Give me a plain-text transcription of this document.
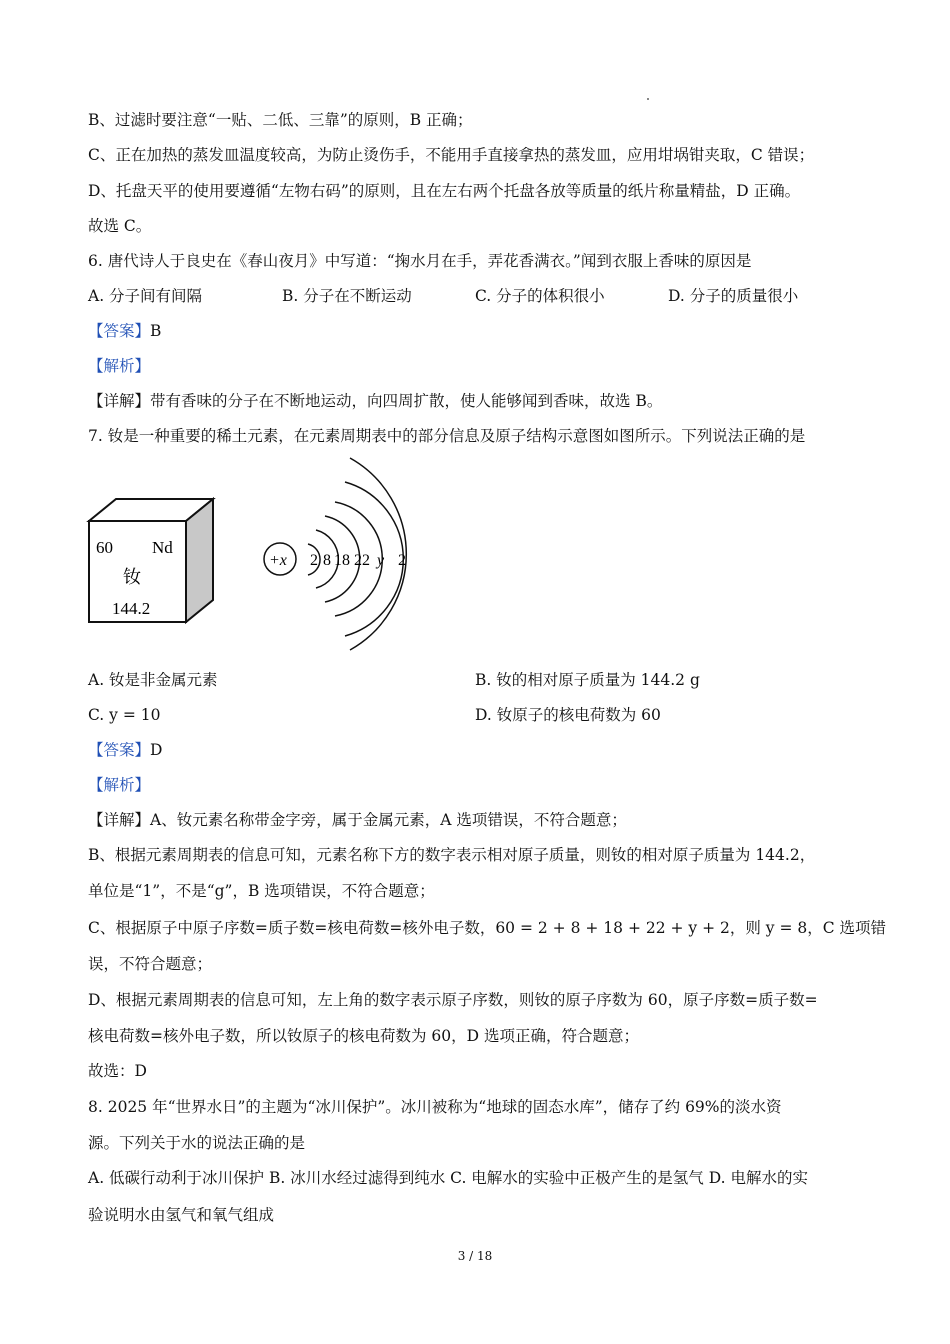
B、过滤时要注意“一贴、二低、三靠”的原则，B 正确；
C、正在加热的蒸发皿温度较高，为防止烫伤手，不能用手直接拿热的蒸发皿，应用坩埚钳夹取，C 错误；
D、托盘天平的使用要遵循“左物右码”的原则，且在左右两个托盘各放等质量的纸片称量精盐，D 正确。
故选 C。
6. 唐代诗人于良史在《春山夜月》中写道：“掬水月在手，弄花香满衣。”闻到衣服上香味的原因是
A. 分子间有间隔	B. 分子在不断运动	C. 分子的体积很小	D. 分子的质量很小
【答案】B
【解析】
【详解】带有香味的分子在不断地运动，向四周扩散，使人能够闻到香味，故选 B。
7. 钕是一种重要的稀土元素，在元素周期表中的部分信息及原子结构示意图如图所示。下列说法正确的是
60 Nd
钕
144.2
+x 2 8 18 22 y 2
A. 钕是非金属元素	B. 钕的相对原子质量为 144.2 g
C. y = 10	D. 钕原子的核电荷数为 60
【答案】D
【解析】
【详解】A、钕元素名称带金字旁，属于金属元素，A 选项错误，不符合题意；
B、根据元素周期表的信息可知，元素名称下方的数字表示相对原子质量，则钕的相对原子质量为 144.2，
单位是“1”，不是“g”，B 选项错误，不符合题意；
C、根据原子中原子序数=质子数=核电荷数=核外电子数，60 = 2 + 8 + 18 + 22 + y + 2，则 y = 8，C 选项错
误，不符合题意；
D、根据元素周期表的信息可知，左上角的数字表示原子序数，则钕的原子序数为 60，原子序数=质子数=
核电荷数=核外电子数，所以钕原子的核电荷数为 60，D 选项正确，符合题意；
故选：D
8. 2025 年“世界水日”的主题为“冰川保护”。冰川被称为“地球的固态水库”，储存了约 69%的淡水资
源。下列关于水的说法正确的是
A. 低碳行动利于冰川保护 B. 冰川水经过滤得到纯水 C. 电解水的实验中正极产生的是氢气 D. 电解水的实
验说明水由氢气和氧气组成
3 / 18
